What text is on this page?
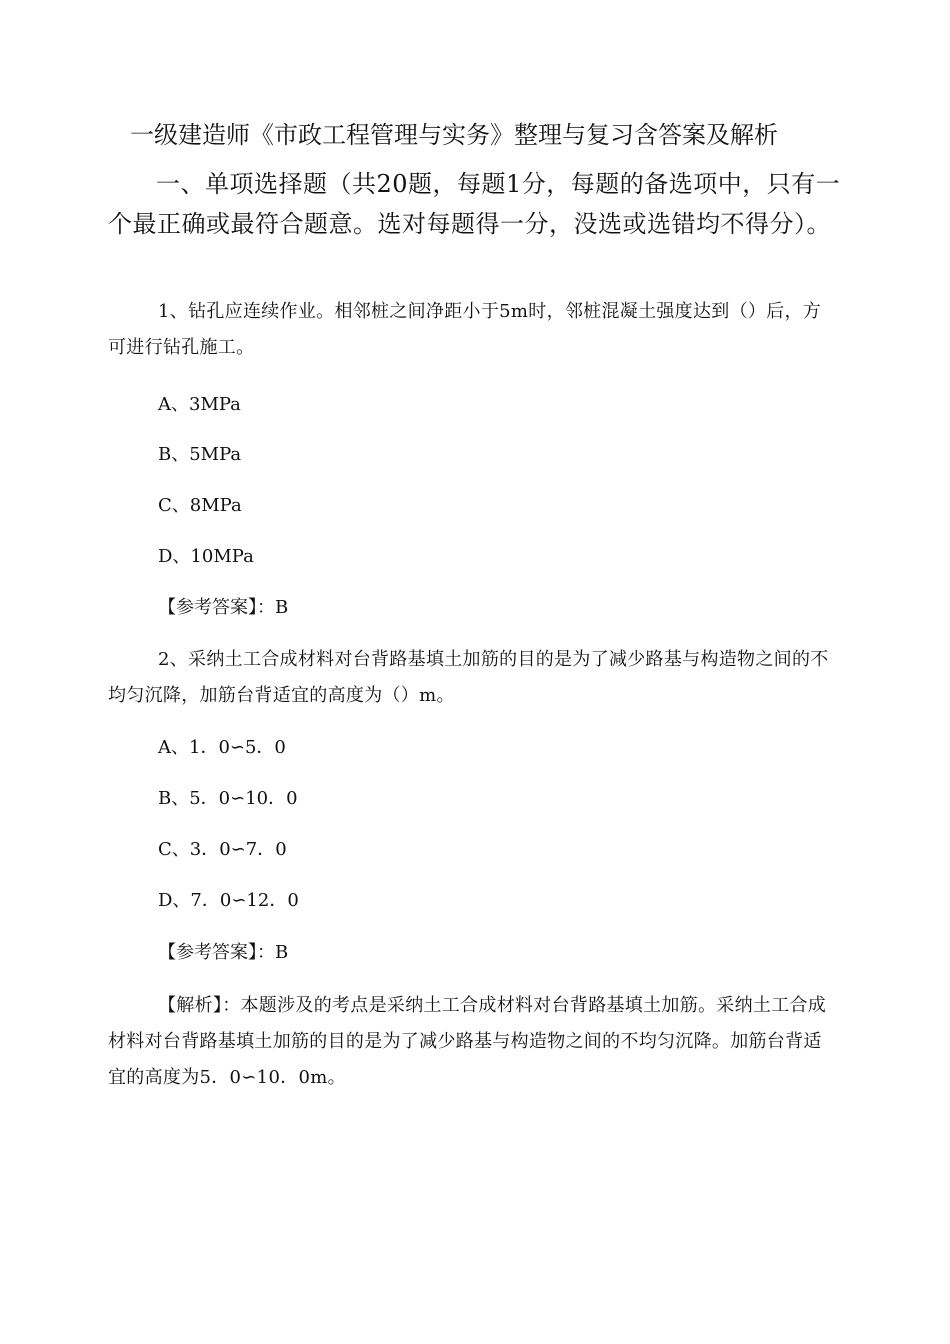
一级建造师《市政工程管理与实务》整理与复习含答案及解析
一、单项选择题（共20题，每题1分，每题的备选项中，只有一个最正确或最符合题意。选对每题得一分，没选或选错均不得分）。
1、钻孔应连续作业。相邻桩之间净距小于5m时，邻桩混凝土强度达到（）后，方可进行钻孔施工。
A、3MPa
B、5MPa
C、8MPa
D、10MPa
【参考答案】：B
2、采纳土工合成材料对台背路基填土加筋的目的是为了减少路基与构造物之间的不均匀沉降，加筋台背适宜的高度为（）m。
A、1．0∽5．0
B、5．0∽10．0
C、3．0∽7．0
D、7．0∽12．0
【参考答案】：B
【解析】：本题涉及的考点是采纳土工合成材料对台背路基填土加筋。采纳土工合成材料对台背路基填土加筋的目的是为了减少路基与构造物之间的不均匀沉降。加筋台背适宜的高度为5．0∽10．0m。
